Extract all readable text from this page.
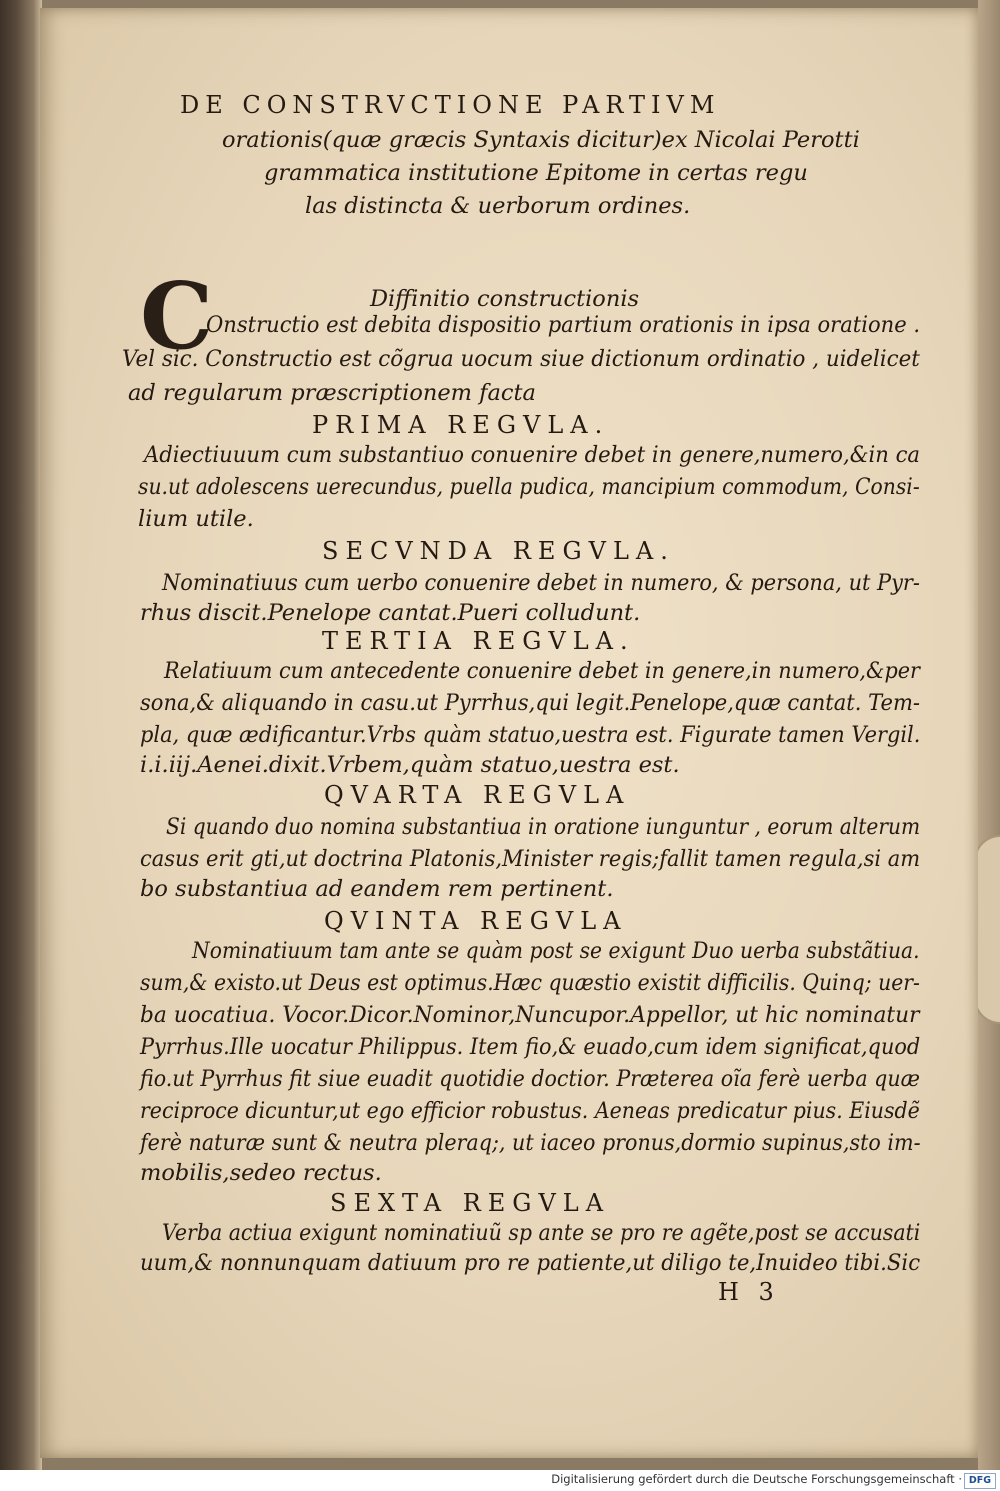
DE CONSTRVCTIONE PARTIVM
orationis(quæ græcis Syntaxis dicitur)ex Nicolai Perotti
grammatica institutione Epitome in certas regu
las distincta & uerborum ordines.
C	Diffinitio constructionis
Onstructio est debita dispositio partium orationis in ipsa oratione .
Vel sic. Constructio est cõgrua uocum siue dictionum ordinatio , uidelicet
ad regularum præscriptionem facta
PRIMA REGVLA.
Adiectiuuum cum substantiuo conuenire debet in genere,numero,&in ca
su.ut adolescens uerecundus, puella pudica, mancipium commodum, Consi-
lium utile.
SECVNDA REGVLA.
Nominatiuus cum uerbo conuenire debet in numero, & persona, ut Pyr-
rhus discit.Penelope cantat.Pueri colludunt.
TERTIA REGVLA.
Relatiuum cum antecedente conuenire debet in genere,in numero,&per
sona,& aliquando in casu.ut Pyrrhus,qui legit.Penelope,quæ cantat. Tem-
pla, quæ ædificantur.Vrbs quàm statuo,uestra est. Figurate tamen Vergil.
i.i.iij.Aenei.dixit.Vrbem,quàm statuo,uestra est.
QVARTA REGVLA
Si quando duo nomina substantiua in oratione iunguntur , eorum alterum
casus erit gti,ut doctrina Platonis,Minister regis;fallit tamen regula,si am
bo substantiua ad eandem rem pertinent.
QVINTA REGVLA
Nominatiuum tam ante se quàm post se exigunt Duo uerba substãtiua.
sum,& existo.ut Deus est optimus.Hæc quæstio existit difficilis. Quinq; uer-
ba uocatiua. Vocor.Dicor.Nominor,Nuncupor.Appellor, ut hic nominatur
Pyrrhus.Ille uocatur Philippus. Item fio,& euado,cum idem significat,quod
fio.ut Pyrrhus fit siue euadit quotidie doctior. Præterea oĩa ferè uerba quæ
reciproce dicuntur,ut ego efficior robustus. Aeneas predicatur pius. Eiusdẽ
ferè naturæ sunt & neutra pleraq;, ut iaceo pronus,dormio supinus,sto im-
mobilis,sedeo rectus.
SEXTA REGVLA
Verba actiua exigunt nominatiuũ sp ante se pro re agẽte,post se accusati
uum,& nonnunquam datiuum pro re patiente,ut diligo te,Inuideo tibi.Sic
H 3
Digitalisierung gefördert durch die Deutsche Forschungsgemeinschaft · DFG
